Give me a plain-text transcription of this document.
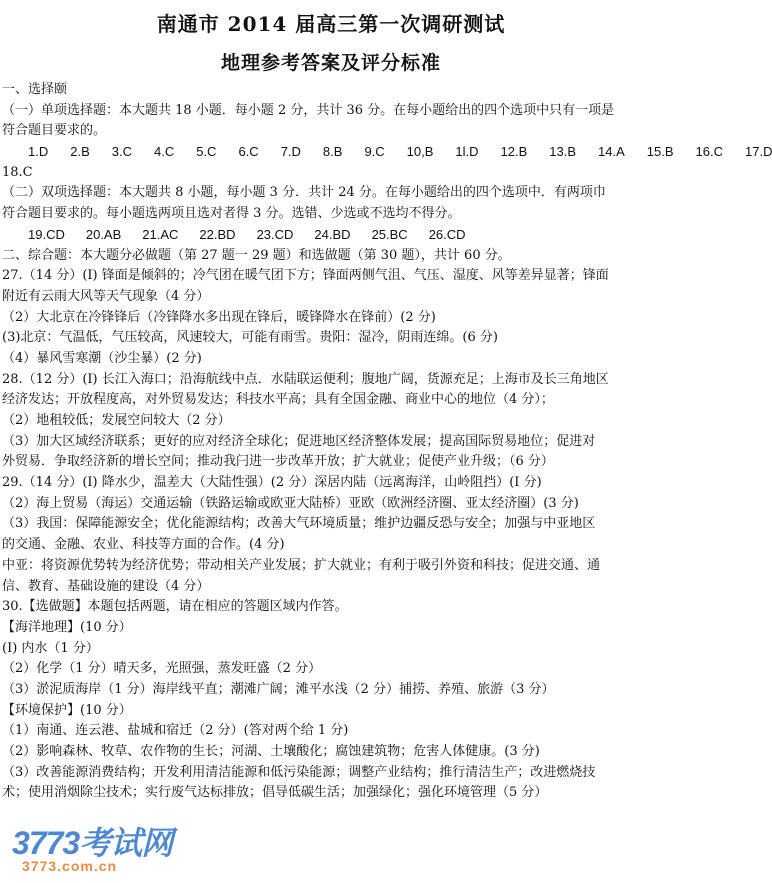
南通市 2014 届高三第一次调研测试
地理参考答案及评分标准
一、选择颐
（一）单项选择题：本大题共 18 小题．每小题 2 分，共计 36 分。在每小题给出的四个选项中只有一项是
符合题目要求的。
1.D 2.B 3.C 4.C 5.C 6.C 7.D 8.B 9.C 10,B 1l.D 12.B 13.B 14.A 15.B 16.C 17.D
18.C
（二）双项选择题：本大题共 8 小题，每小题 3 分．共计 24 分。在每小题给出的四个选项中．有两项巾
符合题目要求的。每小题选两项且选对者得 3 分。选错、少选或不选均不得分。
19.CD 20.AB 21.AC 22.BD 23.CD 24.BD 25.BC 26.CD
二、综合题：本大题分必做题（第 27 题一 29 题）和选做题（第 30 题），共计 60 分。
27.（14 分）(I) 锋面是倾斜的；冷气团在暖气团下方；锋面两侧气沮、气压、湿度、风等差异显著；锋面
附近有云雨大风等天气现象（4 分）
（2）大北京在冷锋锋后（冷锋降水多出现在锋后，暖锋降水在锋前）(2 分)
(3)北京：气温低，气压较高，风速较大，可能有雨雪。贵阳：湿冷，阴雨连绵。(6 分)
（4）暴风雪寒潮（沙尘暴）(2 分)
28.（12 分）(I) 长江入海口；沿海航线中点．水陆联运便利；腹地广阔，货源充足；上海市及长三角地区
经济发达；开放程度高，对外贸易发达；科技水平高；具有全国金融、商业中心的地位（4 分）；
（2）地租较低；发展空问较大（2 分）
（3）加大区域经济联系；更好的应对经济全球化；促进地区经济整体发展；提高国际贸易地位；促进对
外贸易．争取经济新的增长空间；推动我闩进一步改革开放；扩大就业；促使产业升级；（6 分）
29.（14 分）(I) 降水少，温差大（大陆性强）(2 分）深居内陆（远离海洋，山岭阻挡）(I 分)
（2）海上贸易（海运）交通运输（铁路运输或欧亚大陆桥）亚欧（欧洲经济圈、亚太经济圈）(3 分)
（3）我国：保障能源安全；优化能源结构；改善大气环境质量；维护边疆反恐与安全；加强与中亚地区
的交通、金融、农业、科技等方面的合作。(4 分)
中亚：将资源优势转为经济优势；带动相关产业发展；扩大就业；有利于吸引外资和科技；促进交通、通
信、教育、基础设施的建设（4 分）
30.【选做题】本题包括两题，请在相应的答题区域内作答。
【海洋地理】(10 分）
(I) 内水（1 分）
（2）化学（1 分）晴天多，光照强，蒸发旺盛（2 分）
（3）淤泥质海岸（1 分）海岸线平直；潮滩广阔；滩平水浅（2 分）捕捞、养殖、旅游（3 分）
【环境保护】(10 分）
（1）南通、连云港、盐城和宿迁（2 分）(答对两个给 1 分)
（2）影响森林、牧草、农作物的生长；河湖、土壤酸化；腐蚀建筑物；危害人体健康。(3 分)
（3）改善能源消费结构；开发利用清洁能源和低污染能源；调整产业结构；推行清洁生产；改进燃烧技
术；使用消烟除尘技术；实行废气达标排放；倡导低碳生活；加强绿化；强化环境管理（5 分）
3773考试网
3773.com.cn
